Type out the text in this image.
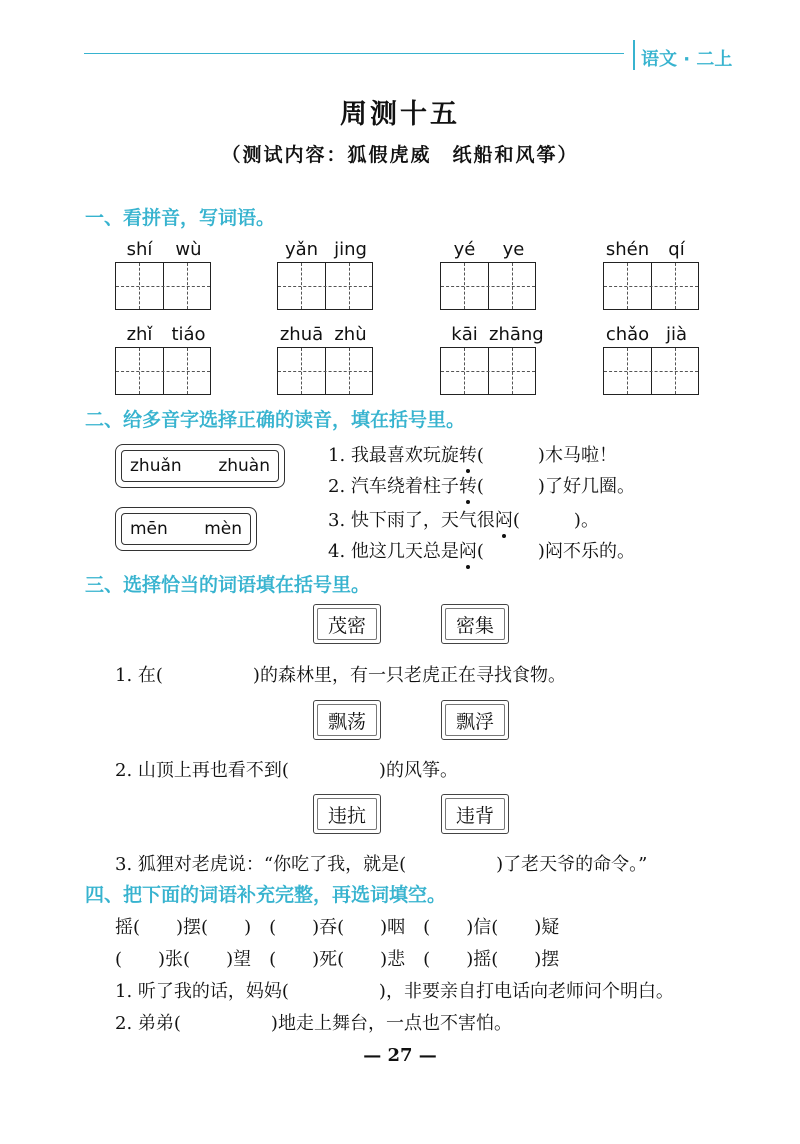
语文 · 二上
周测十五
（测试内容：狐假虎威　纸船和风筝）
一、看拼音，写词语。
shí wù	yǎn jing	yé ye	shén qí
zhǐ tiáo	zhuā zhù	kāi zhāng	chǎo jià
二、给多音字选择正确的读音，填在括号里。
zhuǎn zhuàn
mēn mèn
1. 我最喜欢玩旋转(　　　)木马啦！
2. 汽车绕着柱子转(　　　)了好几圈。
3. 快下雨了，天气很闷(　　　)。
4. 他这几天总是闷(　　　)闷不乐的。
三、选择恰当的词语填在括号里。
茂密	密集
1. 在(　　　　　)的森林里，有一只老虎正在寻找食物。
飘荡	飘浮
2. 山顶上再也看不到(　　　　　)的风筝。
违抗	违背
3. 狐狸对老虎说：“你吃了我，就是(　　　　　)了老天爷的命令。”
四、把下面的词语补充完整，再选词填空。
摇(　　)摆(　　)　(　　)吞(　　)咽　(　　)信(　　)疑
(　　)张(　　)望　(　　)死(　　)悲　(　　)摇(　　)摆
1. 听了我的话，妈妈(　　　　　)，非要亲自打电话向老师问个明白。
2. 弟弟(　　　　　)地走上舞台，一点也不害怕。
— 27 —
